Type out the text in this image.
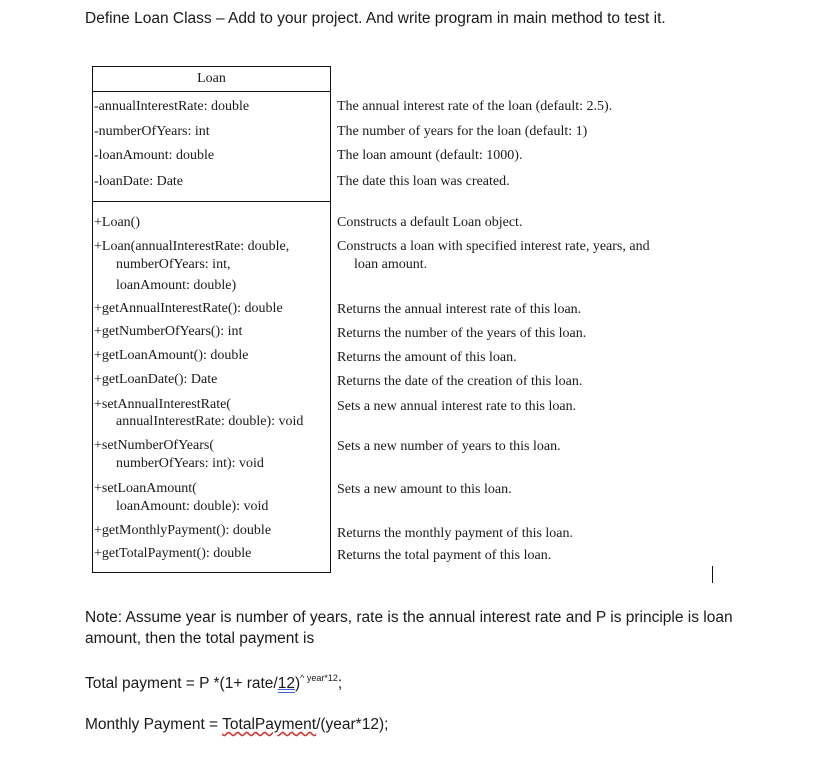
Define Loan Class – Add to your project. And write program in main method to test it.
Loan
-annualInterestRate: double
-numberOfYears: int
-loanAmount: double
-loanDate: Date
The annual interest rate of the loan (default: 2.5).
The number of years for the loan (default: 1)
The loan amount (default: 1000).
The date this loan was created.
+Loan()
+Loan(annualInterestRate: double,
numberOfYears: int,
loanAmount: double)
+getAnnualInterestRate(): double
+getNumberOfYears(): int
+getLoanAmount(): double
+getLoanDate(): Date
+setAnnualInterestRate(
annualInterestRate: double): void
+setNumberOfYears(
numberOfYears: int): void
+setLoanAmount(
loanAmount: double): void
+getMonthlyPayment(): double
+getTotalPayment(): double
Constructs a default Loan object.
Constructs a loan with specified interest rate, years, and
loan amount.
Returns the annual interest rate of this loan.
Returns the number of the years of this loan.
Returns the amount of this loan.
Returns the date of the creation of this loan.
Sets a new annual interest rate to this loan.
Sets a new number of years to this loan.
Sets a new amount to this loan.
Returns the monthly payment of this loan.
Returns the total payment of this loan.
Note: Assume year is number of years, rate is the annual interest rate and P is principle is loan amount, then the total payment is
Total payment = P *(1+ rate/12)$^{\^{} year*12}$;
Monthly Payment = TotalPayment/(year*12);
